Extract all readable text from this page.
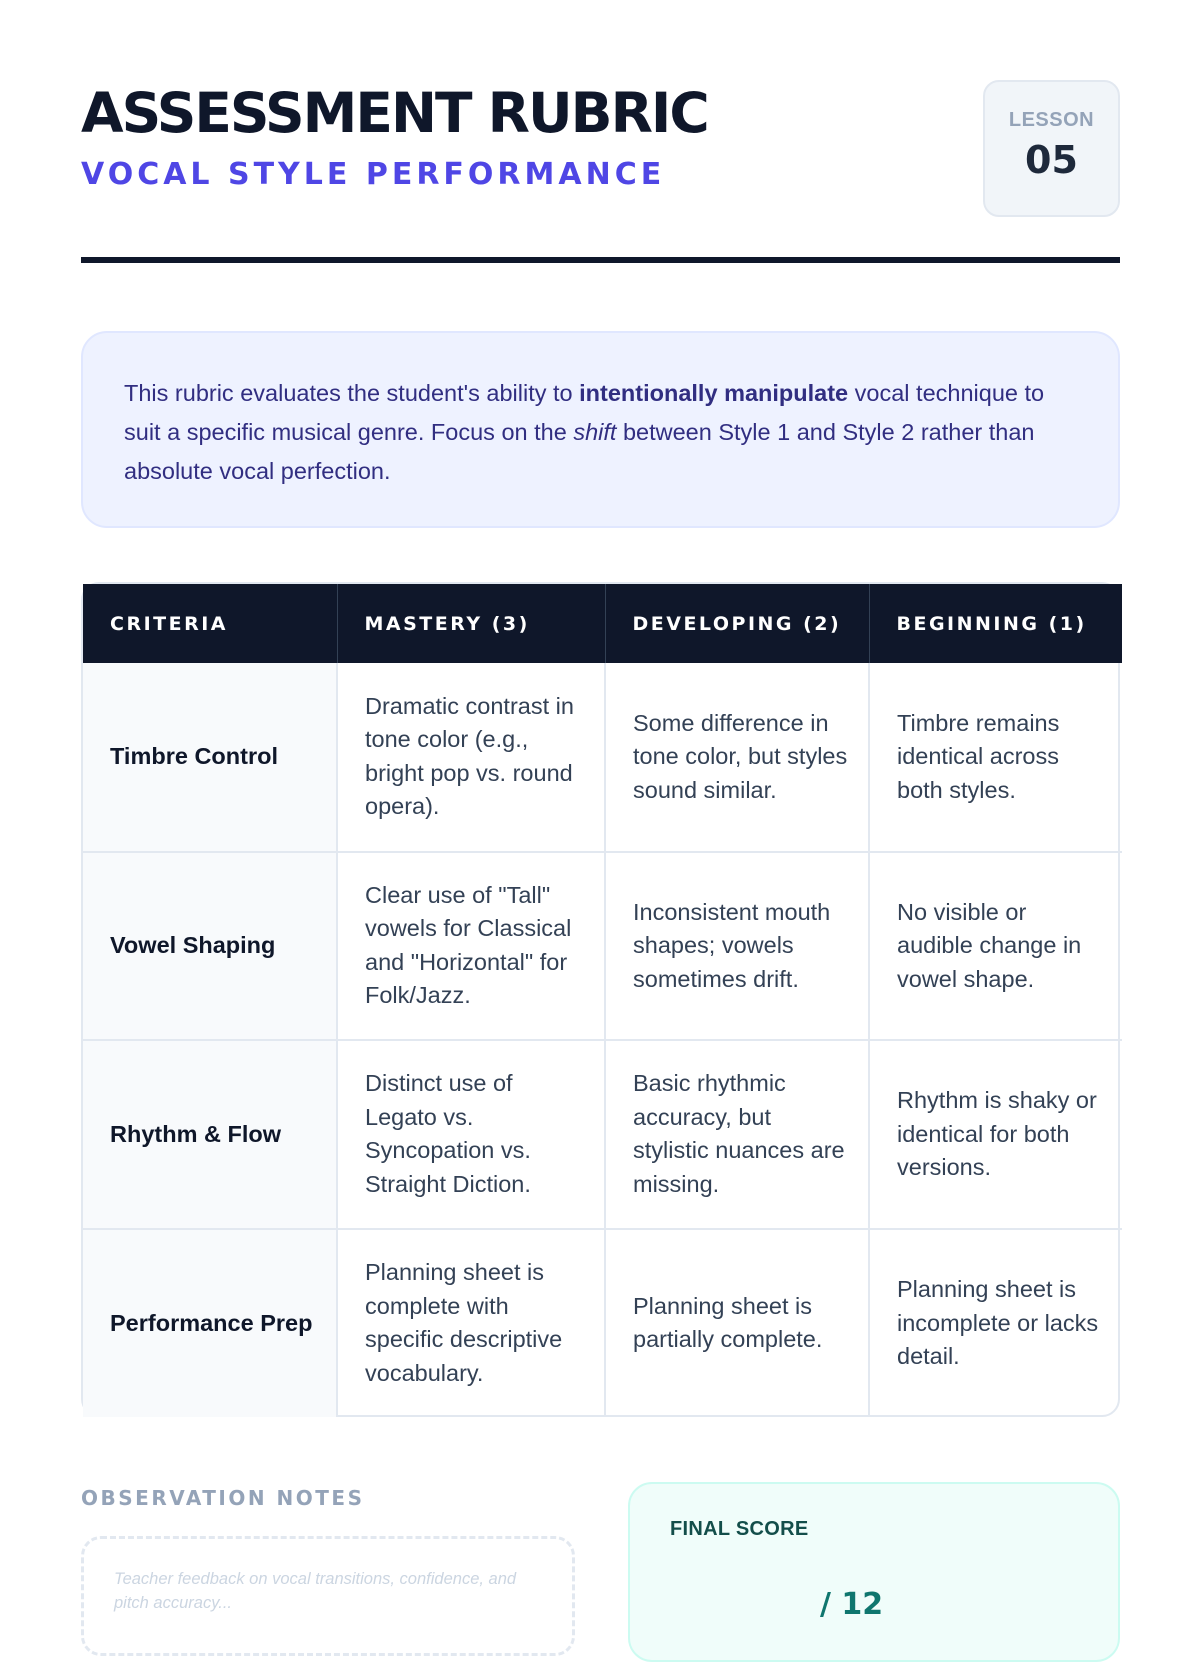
ASSESSMENT RUBRIC
VOCAL STYLE PERFORMANCE
LESSON
05
This rubric evaluates the student's ability to intentionally manipulate vocal technique to suit a specific musical genre. Focus on the shift between Style 1 and Style 2 rather than absolute vocal perfection.
CRITERIA	MASTERY (3)	DEVELOPING (2)	BEGINNING (1)
Timbre Control	Dramatic contrast in tone color (e.g., bright pop vs. round opera).	Some difference in tone color, but styles sound similar.	Timbre remains identical across both styles.
Vowel Shaping	Clear use of "Tall" vowels for Classical and "Horizontal" for Folk/Jazz.	Inconsistent mouth shapes; vowels sometimes drift.	No visible or audible change in vowel shape.
Rhythm & Flow	Distinct use of Legato vs. Syncopation vs. Straight Diction.	Basic rhythmic accuracy, but stylistic nuances are missing.	Rhythm is shaky or identical for both versions.
Performance Prep	Planning sheet is complete with specific descriptive vocabulary.	Planning sheet is partially complete.	Planning sheet is incomplete or lacks detail.
OBSERVATION NOTES
Teacher feedback on vocal transitions, confidence, and pitch accuracy...
FINAL SCORE
/ 12
